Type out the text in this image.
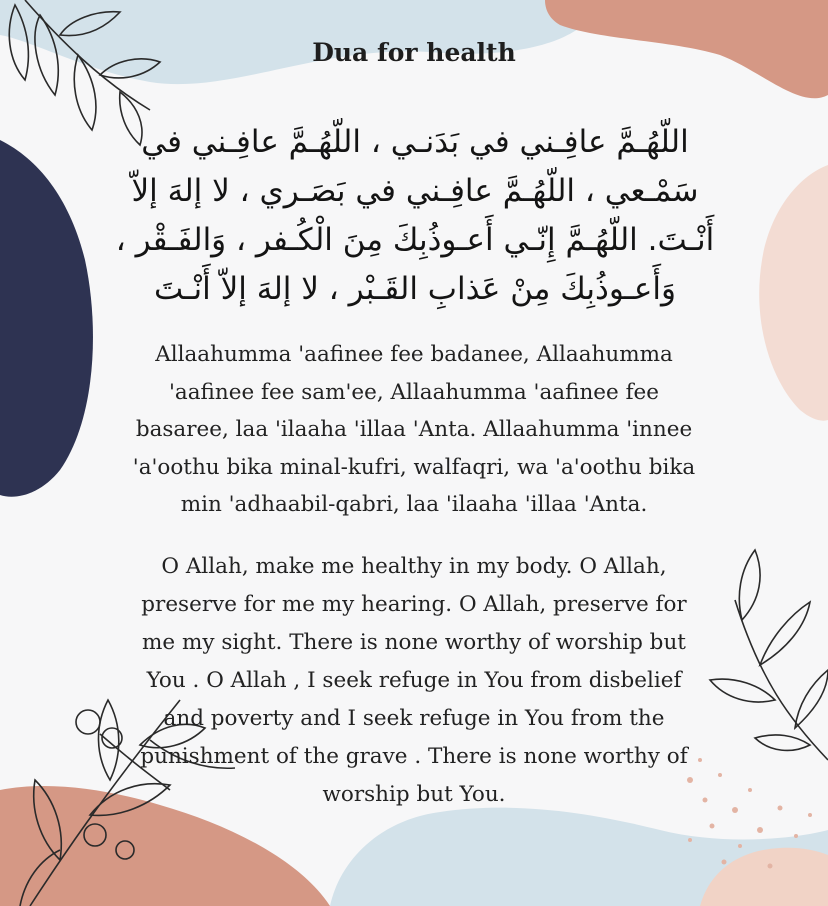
Dua for health
اللّهُـمَّ عافِـني في بَدَنـي ، اللّهُـمَّ عافِـني في سَمْـعي ، اللّهُـمَّ عافِـني في بَصَـري ، لا إلهَ إلاّ أَنْـتَ. اللّهُـمَّ إِنّـي أَعـوذُبِكَ مِنَ الْكُـفر ، وَالفَـقْر ، وَأَعـوذُبِكَ مِنْ عَذابِ القَـبْر ، لا إلهَ إلاّ أَنْـتَ
Allaahumma 'aafinee fee badanee, Allaahumma 'aafinee fee sam'ee, Allaahumma 'aafinee fee basaree, laa 'ilaaha 'illaa 'Anta. Allaahumma 'innee 'a'oothu bika minal-kufri, walfaqri, wa 'a'oothu bika min 'adhaabil-qabri, laa 'ilaaha 'illaa 'Anta.
O Allah, make me healthy in my body. O Allah, preserve for me my hearing. O Allah, preserve for me my sight. There is none worthy of worship but You . O Allah , I seek refuge in You from disbelief and poverty and I seek refuge in You from the punishment of the grave . There is none worthy of worship but You.
